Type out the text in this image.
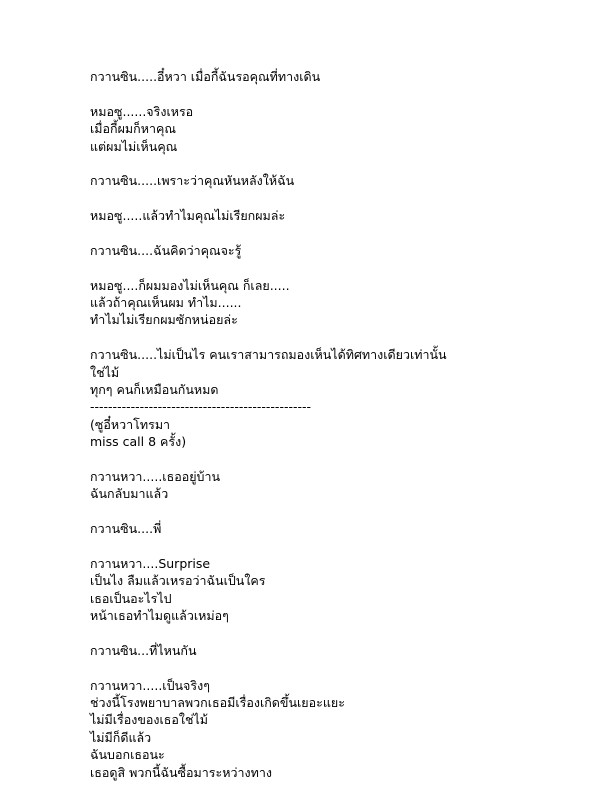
กวานซิน.....อี๋หวา เมื่อกี้ฉันรอคุณที่ทางเดิน
หมอซู......จริงเหรอ
เมื่อกี้ผมก็หาคุณ
แต่ผมไม่เห็นคุณ
กวานซิน.....เพราะว่าคุณหันหลังให้ฉัน
หมอซู.....แล้วทำไมคุณไม่เรียกผมล่ะ
กวานซิน....ฉันคิดว่าคุณจะรู้
หมอซู....ก็ผมมองไม่เห็นคุณ ก็เลย.....
แล้วถ้าคุณเห็นผม ทำไม......
ทำไมไม่เรียกผมซักหน่อยล่ะ
กวานซิน.....ไม่เป็นไร คนเราสามารถมองเห็นได้ทิศทางเดียวเท่านั้น
ใช่ไม้
ทุกๆ คนก็เหมือนกันหมด
-------------------------------------------------
(ซูอี๋หวาโทรมา
miss call 8 ครั้ง)
กวานหวา.....เธออยู่บ้าน
ฉันกลับมาแล้ว
กวานซิน....พี่
กวานหวา....Surprise
เป็นไง ลืมแล้วเหรอว่าฉันเป็นใคร
เธอเป็นอะไรไป
หน้าเธอทำไมดูแล้วเหม่อๆ
กวานซิน...ที่ไหนกัน
กวานหวา.....เป็นจริงๆ
ช่วงนี้โรงพยาบาลพวกเธอมีเรื่องเกิดขึ้นเยอะแยะ
ไม่มีเรื่องของเธอใช่ไม้
ไม่มีก็ดีแล้ว
ฉันบอกเธอนะ
เธอดูสิ พวกนี้ฉันซื้อมาระหว่างทาง
